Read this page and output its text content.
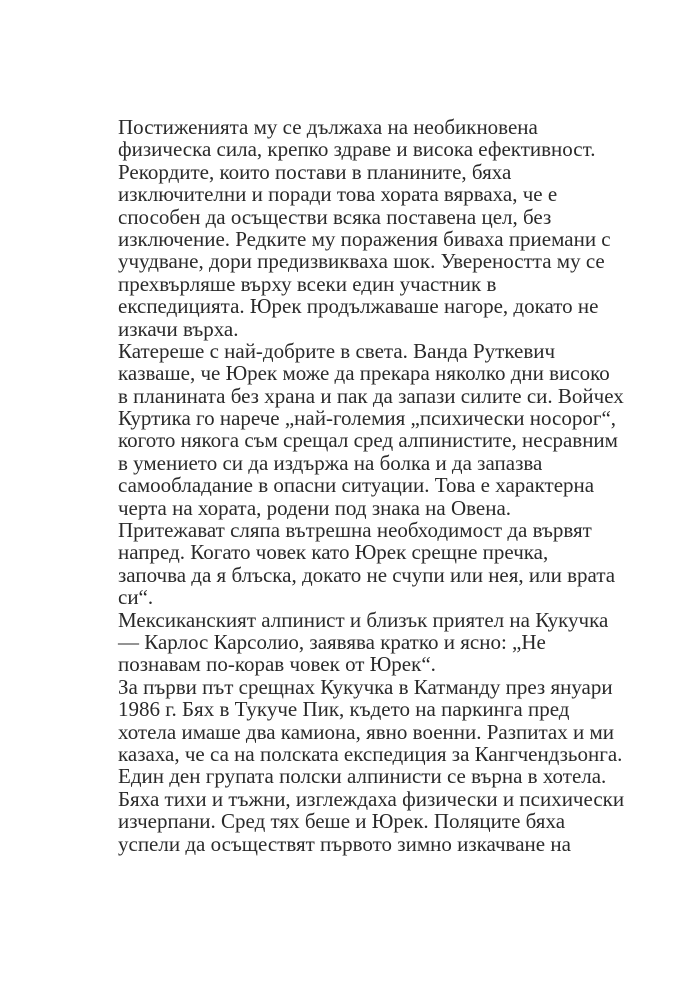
Постиженията му се дължаха на необикновена
физическа сила, крепко здраве и висока ефективност.
Рекордите, които постави в планините, бяха
изключителни и поради това хората вярваха, че е
способен да осъществи всяка поставена цел, без
изключение. Редките му поражения биваха приемани с
учудване, дори предизвикваха шок. Увереността му се
прехвърляше върху всеки един участник в
експедицията. Юрек продължаваше нагоре, докато не
изкачи върха.
Катереше с най-добрите в света. Ванда Руткевич
казваше, че Юрек може да прекара няколко дни високо
в планината без храна и пак да запази силите си. Войчех
Куртика го нарече „най-големия „психически носорог“,
когото някога съм срещал сред алпинистите, несравним
в умението си да издържа на болка и да запазва
самообладание в опасни ситуации. Това е характерна
черта на хората, родени под знака на Овена.
Притежават сляпа вътрешна необходимост да вървят
напред. Когато човек като Юрек срещне пречка,
започва да я блъска, докато не счупи или нея, или врата
си“.
Мексиканският алпинист и близък приятел на Кукучка
— Карлос Карсолио, заявява кратко и ясно: „Не
познавам по-корав човек от Юрек“.
За първи път срещнах Кукучка в Катманду през януари
1986 г. Бях в Тукуче Пик, където на паркинга пред
хотела имаше два камиона, явно военни. Разпитах и ми
казаха, че са на полската експедиция за Кангчендзьонга.
Един ден групата полски алпинисти се върна в хотела.
Бяха тихи и тъжни, изглеждаха физически и психически
изчерпани. Сред тях беше и Юрек. Поляците бяха
успели да осъществят първото зимно изкачване на
